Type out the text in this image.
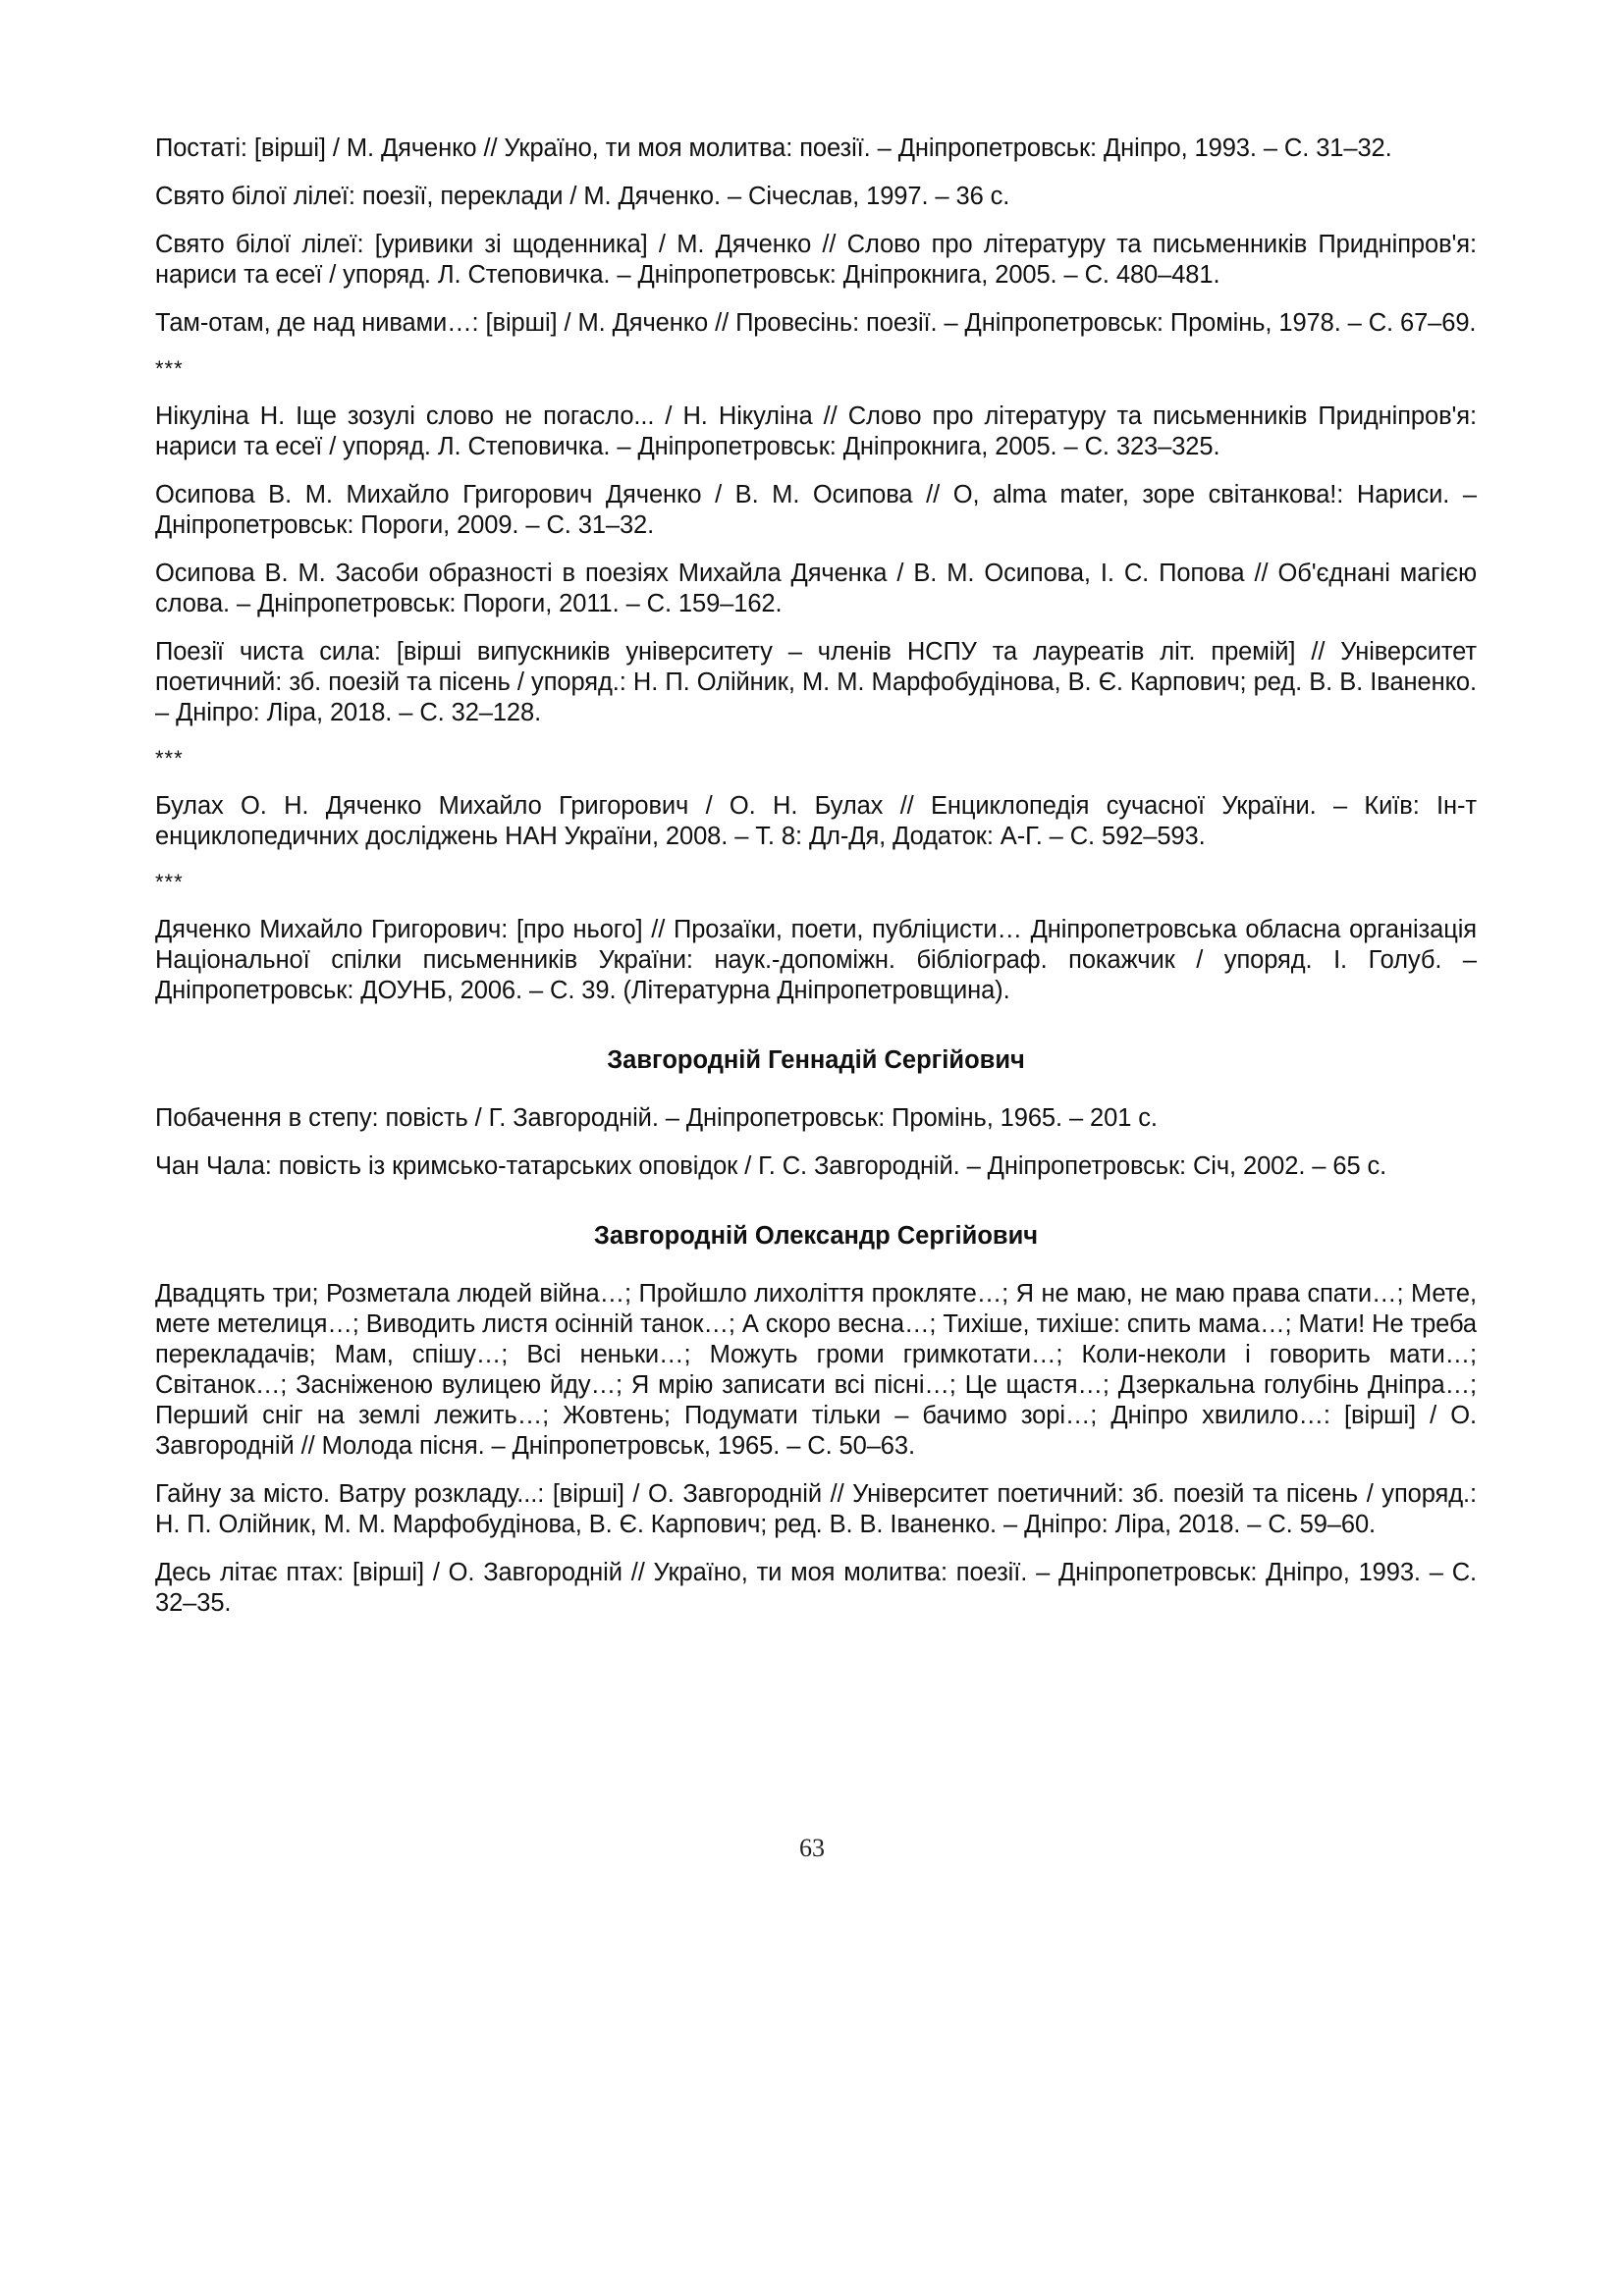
Постаті: [вірші] / М. Дяченко // Україно, ти моя молитва: поезії. – Дніпропетровськ: Дніпро, 1993. – С. 31–32.

Свято білої лілеї: поезії, переклади / М. Дяченко. – Січеслав, 1997. – 36 с.

Свято білої лілеї: [уривики зі щоденника] / М. Дяченко // Слово про літературу та письменників Придніпров'я: нариси та есеї / упоряд. Л. Степовичка. – Дніпропетровськ: Дніпрокнига, 2005. – С. 480–481.

Там-отам, де над нивами…: [вірші] / М. Дяченко // Провесінь: поезії. – Дніпропетровськ: Промінь, 1978. – С. 67–69.

***

Нікуліна Н. Іще зозулі слово не погасло... / Н. Нікуліна // Слово про літературу та письменників Придніпров'я: нариси та есеї / упоряд. Л. Степовичка. – Дніпропетровськ: Дніпрокнига, 2005. – С. 323–325.

Осипова В. М. Михайло Григорович Дяченко / В. М. Осипова // О, alma mater, зоре світанкова!: Нариси. – Дніпропетровськ: Пороги, 2009. – С. 31–32.

Осипова В. М. Засоби образності в поезіях Михайла Дяченка / В. М. Осипова, І. С. Попова // Об'єднані магією слова. – Дніпропетровськ: Пороги, 2011. – С. 159–162.

Поезії чиста сила: [вірші випускників університету – членів НСПУ та лауреатів літ. премій] // Університет поетичний: зб. поезій та пісень / упоряд.: Н. П. Олійник, М. М. Марфобудінова, В. Є. Карпович; ред. В. В. Іваненко. – Дніпро: Ліра, 2018. – С. 32–128.

***

Булах О. Н. Дяченко Михайло Григорович / О. Н. Булах // Енциклопедія сучасної України. – Київ: Ін-т енциклопедичних досліджень НАН України, 2008. – Т. 8: Дл-Дя, Додаток: А-Г. – С. 592–593.

***

Дяченко Михайло Григорович: [про нього] // Прозаїки, поети, публіцисти… Дніпропетровська обласна організація Національної спілки письменників України: наук.-допоміжн. бібліограф. покажчик / упоряд. І. Голуб. – Дніпропетровськ: ДОУНБ, 2006. – С. 39. (Літературна Дніпропетровщина).

Завгородній Геннадій Сергійович

Побачення в степу: повість / Г. Завгородній. – Дніпропетровськ: Промінь, 1965. – 201 с.

Чан Чала: повість із кримсько-татарських оповідок / Г. С. Завгородній. – Дніпропетровськ: Січ, 2002. – 65 с.

Завгородній Олександр Сергійович

Двадцять три; Розметала людей війна…; Пройшло лихоліття прокляте…; Я не маю, не маю права спати…; Мете, мете метелиця…; Виводить листя осінній танок…; А скоро весна…; Тихіше, тихіше: спить мама…; Мати! Не треба перекладачів; Мам, спішу…; Всі неньки…; Можуть громи гримкотати…; Коли-неколи і говорить мати…; Світанок…; Засніженою вулицею йду…; Я мрію записати всі пісні…; Це щастя…; Дзеркальна голубінь Дніпра…; Перший сніг на землі лежить…; Жовтень; Подумати тільки – бачимо зорі…; Дніпро хвилило…: [вірші] / О. Завгородній // Молода пісня. – Дніпропетровськ, 1965. – С. 50–63.

Гайну за місто. Ватру розкладу...: [вірші] / О. Завгородній // Університет поетичний: зб. поезій та пісень / упоряд.: Н. П. Олійник, М. М. Марфобудінова, В. Є. Карпович; ред. В. В. Іваненко. – Дніпро: Ліра, 2018. – С. 59–60.

Десь літає птах: [вірші] / О. Завгородній // Україно, ти моя молитва: поезії. – Дніпропетровськ: Дніпро, 1993. – С. 32–35.

63
